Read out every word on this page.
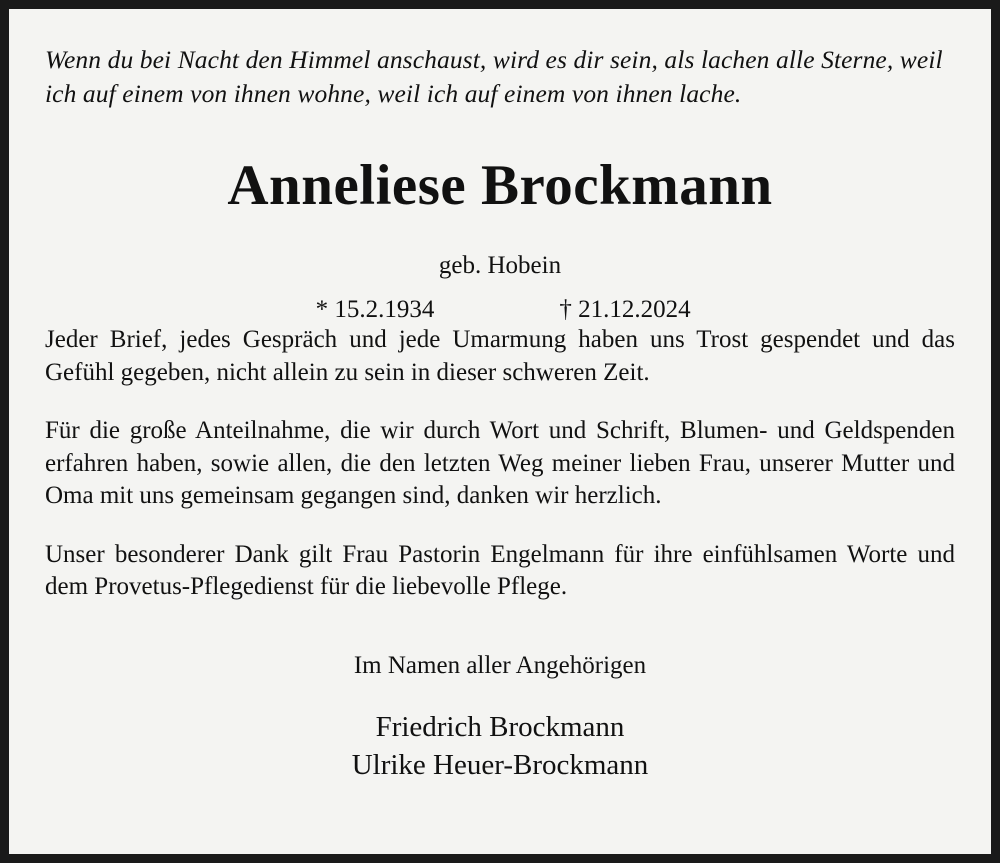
Wenn du bei Nacht den Himmel anschaust, wird es dir sein, als lachen alle Sterne, weil ich auf einem von ihnen wohne, weil ich auf einem von ihnen lache.

Anneliese Brockmann
geb. Hobein
* 15.2.1934	† 21.12.2024

Jeder Brief, jedes Gespräch und jede Umarmung haben uns Trost gespendet und das Gefühl gegeben, nicht allein zu sein in dieser schweren Zeit.

Für die große Anteilnahme, die wir durch Wort und Schrift, Blumen- und Geldspenden erfahren haben, sowie allen, die den letzten Weg meiner lieben Frau, unserer Mutter und Oma mit uns gemeinsam gegangen sind, danken wir herzlich.

Unser besonderer Dank gilt Frau Pastorin Engelmann für ihre einfühlsamen Worte und dem Provetus-Pflegedienst für die liebevolle Pflege.

Im Namen aller Angehörigen
Friedrich Brockmann
Ulrike Heuer-Brockmann
